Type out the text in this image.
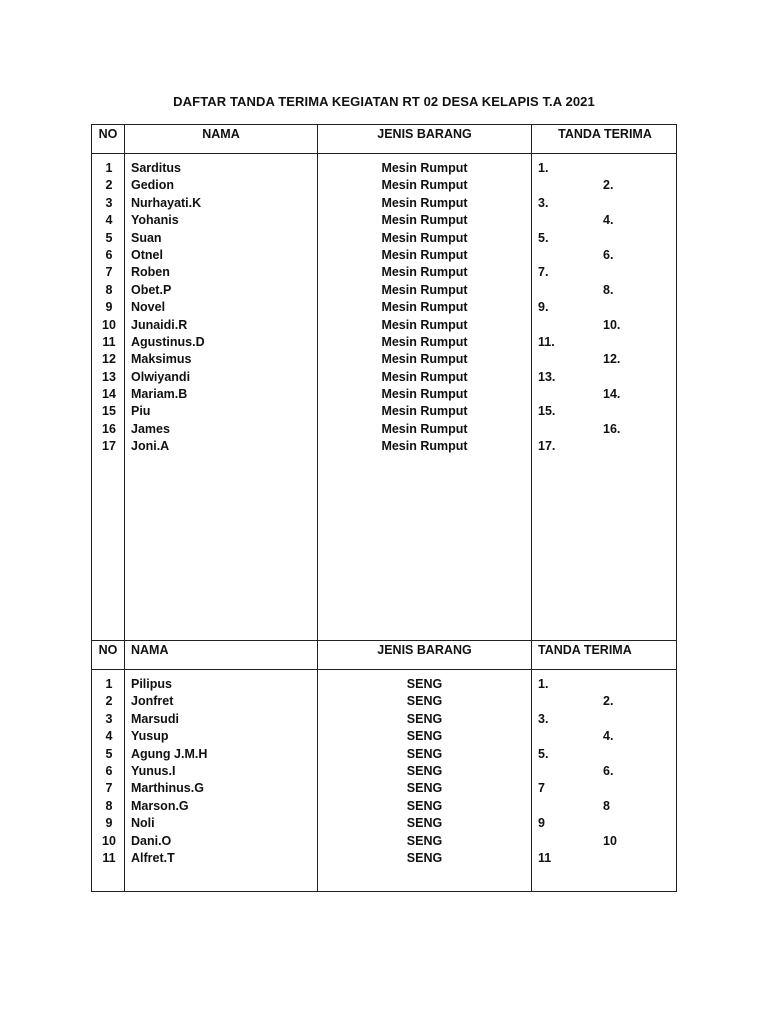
DAFTAR TANDA TERIMA KEGIATAN RT 02 DESA KELAPIS T.A 2021
NO	NAMA	JENIS BARANG	TANDA TERIMA
1	Sarditus	Mesin Rumput	1.
2	Gedion	Mesin Rumput	2.
3	Nurhayati.K	Mesin Rumput	3.
4	Yohanis	Mesin Rumput	4.
5	Suan	Mesin Rumput	5.
6	Otnel	Mesin Rumput	6.
7	Roben	Mesin Rumput	7.
8	Obet.P	Mesin Rumput	8.
9	Novel	Mesin Rumput	9.
10	Junaidi.R	Mesin Rumput	10.
11	Agustinus.D	Mesin Rumput	11.
12	Maksimus	Mesin Rumput	12.
13	Olwiyandi	Mesin Rumput	13.
14	Mariam.B	Mesin Rumput	14.
15	Piu	Mesin Rumput	15.
16	James	Mesin Rumput	16.
17	Joni.A	Mesin Rumput	17.
NO	NAMA	JENIS BARANG	TANDA TERIMA
1	Pilipus	SENG	1.
2	Jonfret	SENG	2.
3	Marsudi	SENG	3.
4	Yusup	SENG	4.
5	Agung J.M.H	SENG	5.
6	Yunus.I	SENG	6.
7	Marthinus.G	SENG	7
8	Marson.G	SENG	8
9	Noli	SENG	9
10	Dani.O	SENG	10
11	Alfret.T	SENG	11
